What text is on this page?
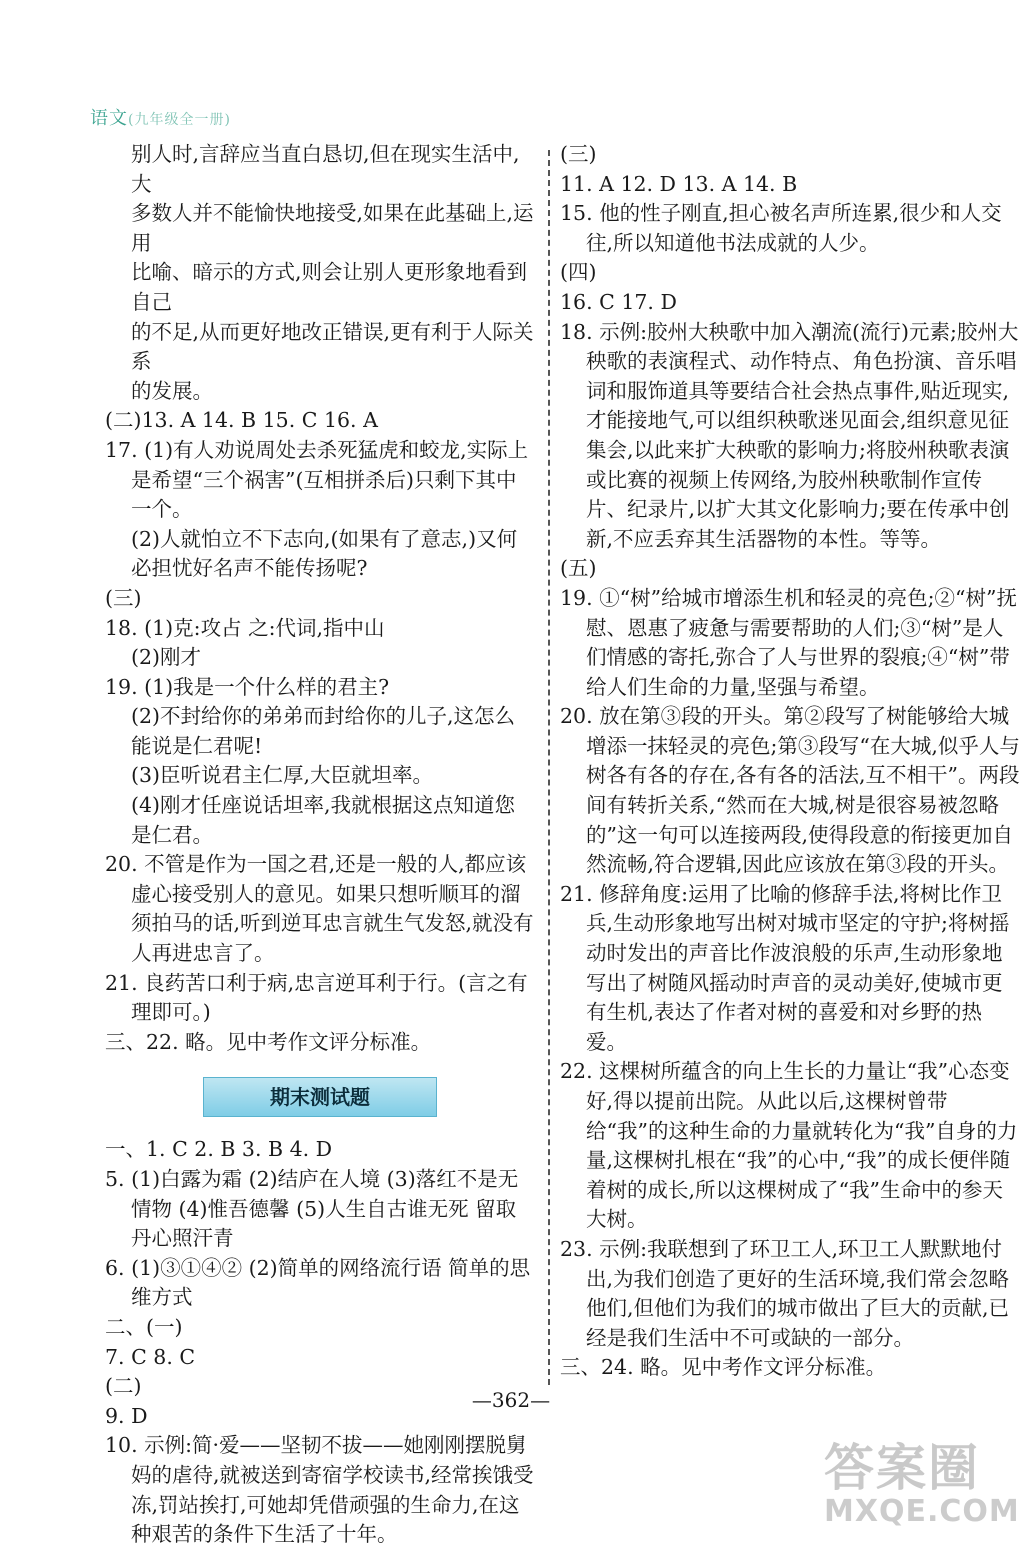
语文(九年级全一册)

别人时,言辞应当直白恳切,但在现实生活中,大

多数人并不能愉快地接受,如果在此基础上,运用

比喻、暗示的方式,则会让别人更形象地看到自己

的不足,从而更好地改正错误,更有利于人际关系

的发展。

(二)13. A 14. B 15. C 16. A

17. (1)有人劝说周处去杀死猛虎和蛟龙,实际上是希望“三个祸害”(互相拼杀后)只剩下其中一个。

(2)人就怕立不下志向,(如果有了意志,)又何必担忧好名声不能传扬呢?

(三)

18. (1)克:攻占 之:代词,指中山

(2)刚才

19. (1)我是一个什么样的君主?

(2)不封给你的弟弟而封给你的儿子,这怎么能说是仁君呢!

(3)臣听说君主仁厚,大臣就坦率。

(4)刚才任座说话坦率,我就根据这点知道您是仁君。

20. 不管是作为一国之君,还是一般的人,都应该虚心接受别人的意见。如果只想听顺耳的溜须拍马的话,听到逆耳忠言就生气发怒,就没有人再进忠言了。

21. 良药苦口利于病,忠言逆耳利于行。(言之有理即可。)

三、22. 略。见中考作文评分标准。

期末测试题

一、1. C 2. B 3. B 4. D

5. (1)白露为霜 (2)结庐在人境 (3)落红不是无情物 (4)惟吾德馨 (5)人生自古谁无死 留取丹心照汗青

6. (1)③①④② (2)简单的网络流行语 简单的思维方式

二、(一)

7. C 8. C

(二)

9. D

10. 示例:简·爱——坚韧不拔——她刚刚摆脱舅妈的虐待,就被送到寄宿学校读书,经常挨饿受冻,罚站挨打,可她却凭借顽强的生命力,在这种艰苦的条件下生活了十年。

(三)

11. A 12. D 13. A 14. B

15. 他的性子刚直,担心被名声所连累,很少和人交往,所以知道他书法成就的人少。

(四)

16. C 17. D

18. 示例:胶州大秧歌中加入潮流(流行)元素;胶州大秧歌的表演程式、动作特点、角色扮演、音乐唱词和服饰道具等要结合社会热点事件,贴近现实,才能接地气,可以组织秧歌迷见面会,组织意见征集会,以此来扩大秧歌的影响力;将胶州秧歌表演或比赛的视频上传网络,为胶州秧歌制作宣传片、纪录片,以扩大其文化影响力;要在传承中创新,不应丢弃其生活器物的本性。等等。

(五)

19. ①“树”给城市增添生机和轻灵的亮色;②“树”抚慰、恩惠了疲惫与需要帮助的人们;③“树”是人们情感的寄托,弥合了人与世界的裂痕;④“树”带给人们生命的力量,坚强与希望。

20. 放在第③段的开头。第②段写了树能够给大城增添一抹轻灵的亮色;第③段写“在大城,似乎人与树各有各的存在,各有各的活法,互不相干”。两段间有转折关系,“然而在大城,树是很容易被忽略的”这一句可以连接两段,使得段意的衔接更加自然流畅,符合逻辑,因此应该放在第③段的开头。

21. 修辞角度:运用了比喻的修辞手法,将树比作卫兵,生动形象地写出树对城市坚定的守护;将树摇动时发出的声音比作波浪般的乐声,生动形象地写出了树随风摇动时声音的灵动美好,使城市更有生机,表达了作者对树的喜爱和对乡野的热爱。

22. 这棵树所蕴含的向上生长的力量让“我”心态变好,得以提前出院。从此以后,这棵树曾带给“我”的这种生命的力量就转化为“我”自身的力量,这棵树扎根在“我”的心中,“我”的成长便伴随着树的成长,所以这棵树成了“我”生命中的参天大树。

23. 示例:我联想到了环卫工人,环卫工人默默地付出,为我们创造了更好的生活环境,我们常会忽略他们,但他们为我们的城市做出了巨大的贡献,已经是我们生活中不可或缺的一部分。

三、24. 略。见中考作文评分标准。

—362—
答案圈
MXQE.COM
